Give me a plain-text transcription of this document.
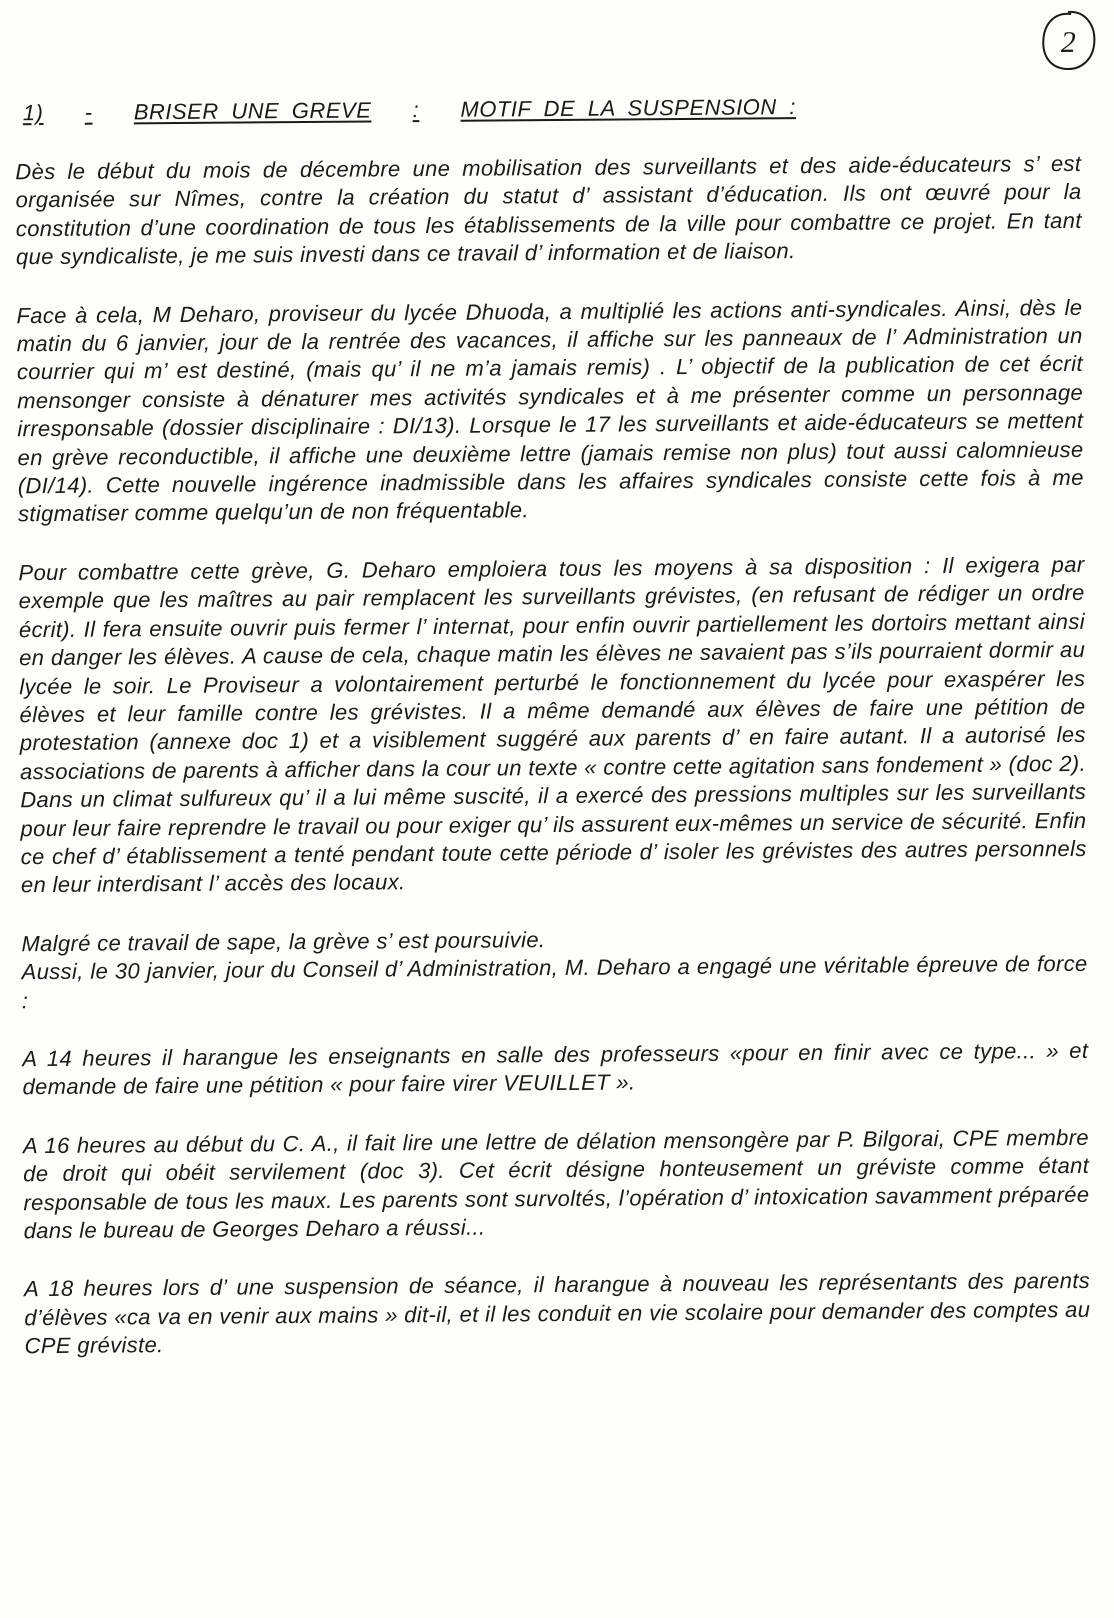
2
1) - BRISER UNE GREVE : MOTIF DE LA SUSPENSION :

Dès le début du mois de décembre une mobilisation des surveillants et des aide-éducateurs s’ est organisée sur Nîmes, contre la création du statut d’ assistant d’éducation. Ils ont œuvré pour la constitution d’une coordination de tous les établissements de la ville pour combattre ce projet. En tant que syndicaliste, je me suis investi dans ce travail d’ information et de liaison.

Face à cela, M Deharo, proviseur du lycée Dhuoda, a multiplié les actions anti-syndicales. Ainsi, dès le matin du 6 janvier, jour de la rentrée des vacances, il affiche sur les panneaux de l’ Administration un courrier qui m’ est destiné, (mais qu’ il ne m’a jamais remis) . L’ objectif de la publication de cet écrit mensonger consiste à dénaturer mes activités syndicales et à me présenter comme un personnage irresponsable (dossier disciplinaire : DI/13). Lorsque le 17 les surveillants et aide-éducateurs se mettent en grève reconductible, il affiche une deuxième lettre (jamais remise non plus) tout aussi calomnieuse (DI/14). Cette nouvelle ingérence inadmissible dans les affaires syndicales consiste cette fois à me stigmatiser comme quelqu’un de non fréquentable.

Pour combattre cette grève, G. Deharo emploiera tous les moyens à sa disposition : Il exigera par exemple que les maîtres au pair remplacent les surveillants grévistes, (en refusant de rédiger un ordre écrit). Il fera ensuite ouvrir puis fermer l’ internat, pour enfin ouvrir partiellement les dortoirs mettant ainsi en danger les élèves. A cause de cela, chaque matin les élèves ne savaient pas s’ils pourraient dormir au lycée le soir. Le Proviseur a volontairement perturbé le fonctionnement du lycée pour exaspérer les élèves et leur famille contre les grévistes. Il a même demandé aux élèves de faire une pétition de protestation (annexe doc 1) et a visiblement suggéré aux parents d’ en faire autant. Il a autorisé les associations de parents à afficher dans la cour un texte « contre cette agitation sans fondement » (doc 2). Dans un climat sulfureux qu’ il a lui même suscité, il a exercé des pressions multiples sur les surveillants pour leur faire reprendre le travail ou pour exiger qu’ ils assurent eux-mêmes un service de sécurité. Enfin ce chef d’ établissement a tenté pendant toute cette période d’ isoler les grévistes des autres personnels en leur interdisant l’ accès des locaux.

Malgré ce travail de sape, la grève s’ est poursuivie.

Aussi, le 30 janvier, jour du Conseil d’ Administration, M. Deharo a engagé une véritable épreuve de force :

A 14 heures il harangue les enseignants en salle des professeurs «pour en finir avec ce type... » et demande de faire une pétition « pour faire virer VEUILLET ».

A 16 heures au début du C. A., il fait lire une lettre de délation mensongère par P. Bilgorai, CPE membre de droit qui obéit servilement (doc 3). Cet écrit désigne honteusement un gréviste comme étant responsable de tous les maux. Les parents sont survoltés, l’opération d’ intoxication savamment préparée dans le bureau de Georges Deharo a réussi...

A 18 heures lors d’ une suspension de séance, il harangue à nouveau les représentants des parents d’élèves «ca va en venir aux mains » dit-il, et il les conduit en vie scolaire pour demander des comptes au CPE gréviste.
